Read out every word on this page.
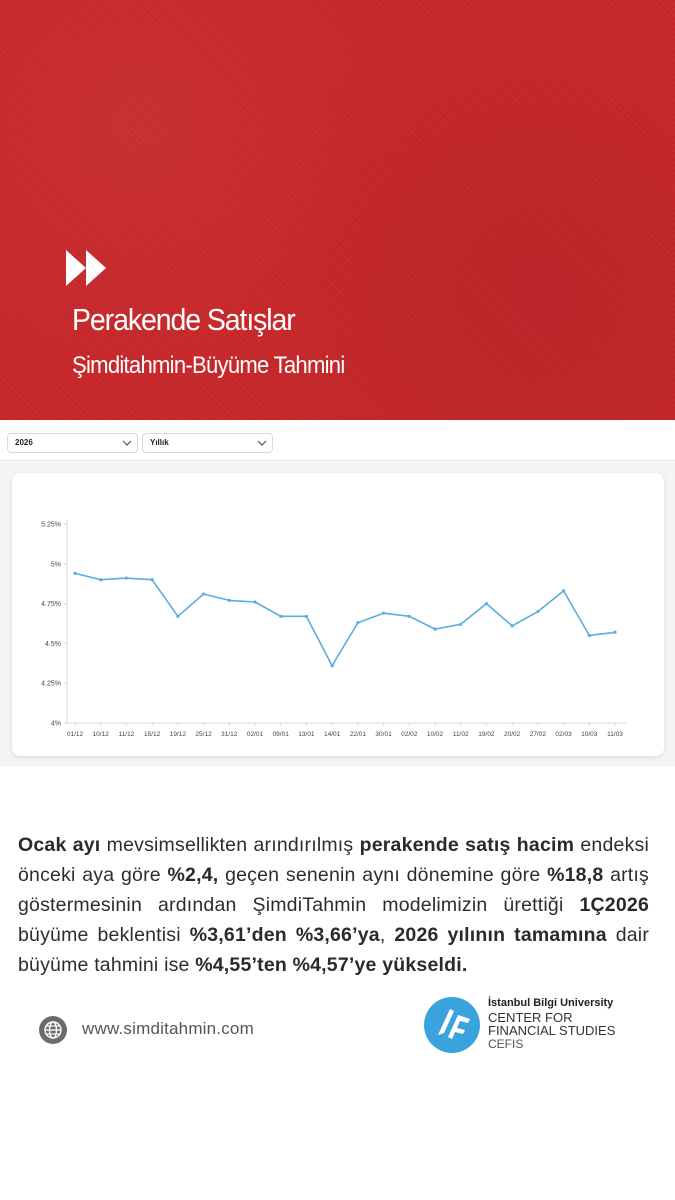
Perakende Satışlar
Şimditahmin-Büyüme Tahmini
2026	Yıllık
4%
4.25%
4.5%
4.75%
5%
5.25%
01/12 10/12 11/12 15/12 19/12 25/12 31/12 02/01 09/01 13/01 14/01 22/01 30/01 02/02 10/02 11/02 19/02 20/02 27/02 02/03 10/03 11/03
Ocak ayı mevsimsellikten arındırılmış perakende satış hacim endeksi önceki aya göre %2,4, geçen senenin aynı dönemine göre %18,8 artış göstermesinin ardından ŞimdiTahmin modelimizin ürettiği 1Ç2026 büyüme beklentisi %3,61’den %3,66’ya, 2026 yılının tamamına dair büyüme tahmini ise %4,55’ten %4,57’ye yükseldi.
www.simditahmin.com
İstanbul Bilgi University
CENTER FOR
FINANCIAL STUDIES
CEFIS
